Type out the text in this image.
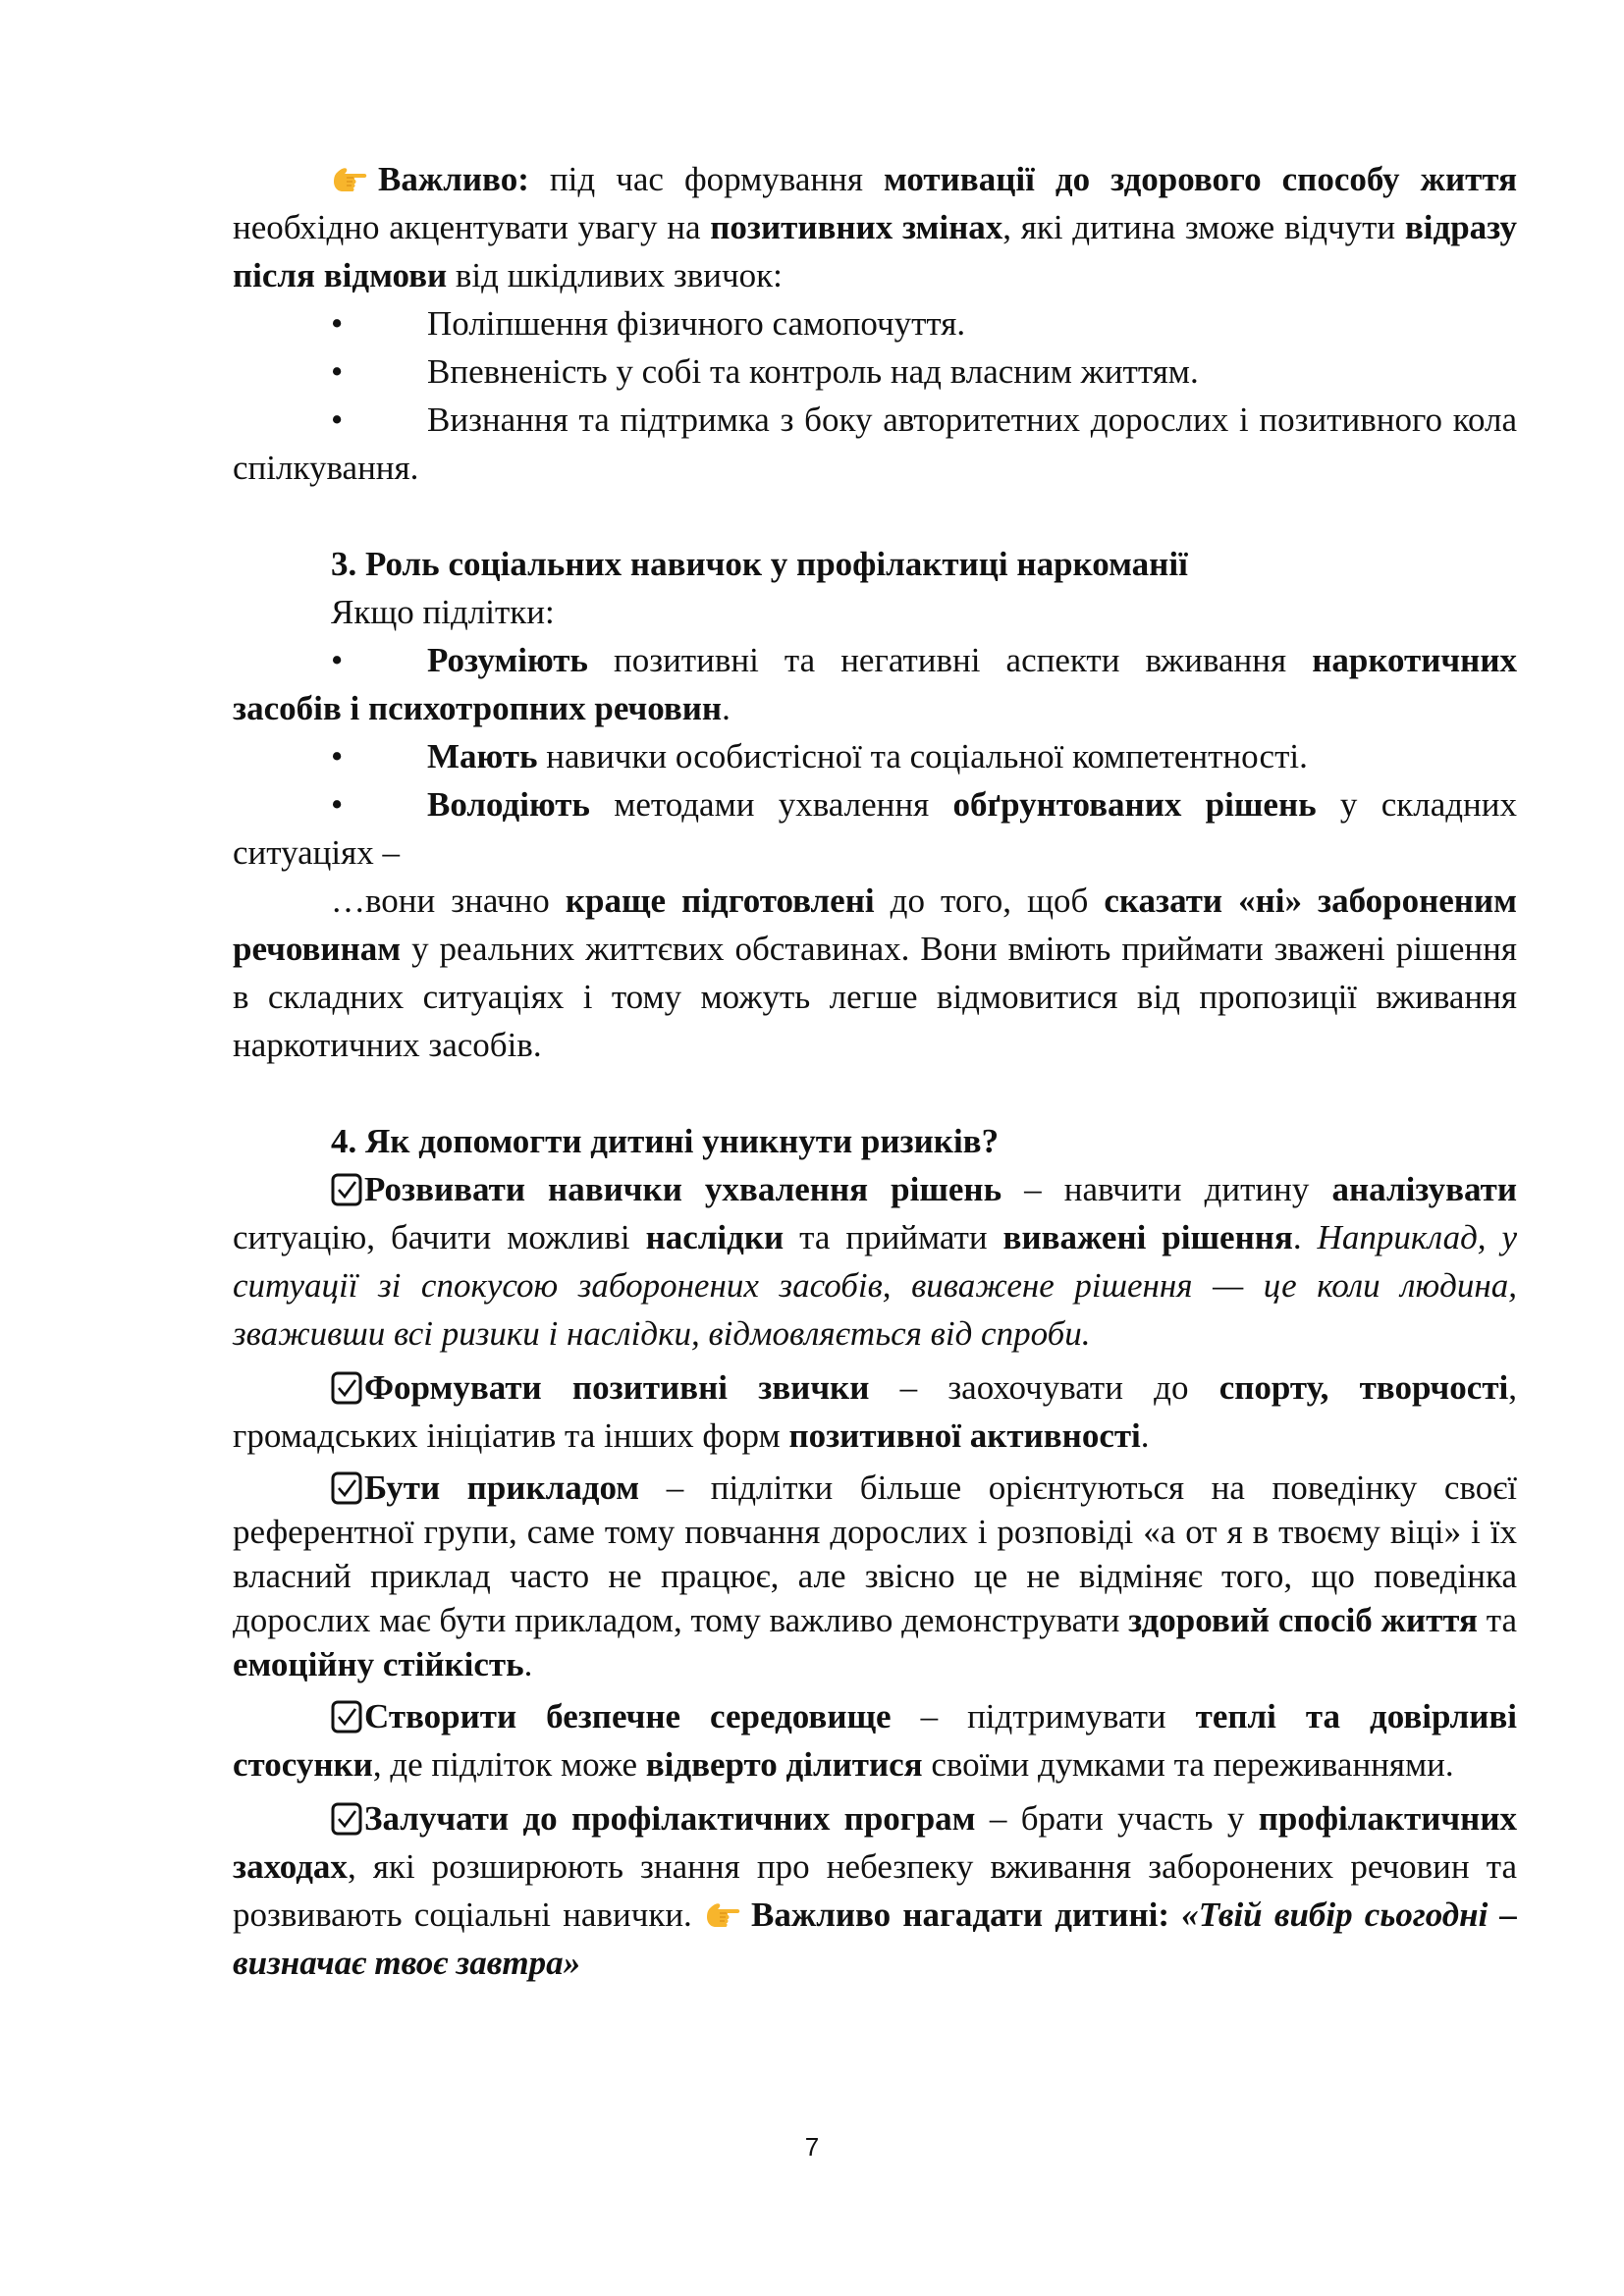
Важливо: під час формування мотивації до здорового способу життя необхідно акцентувати увагу на позитивних змінах, які дитина зможе відчути відразу після відмови від шкідливих звичок:

• Поліпшення фізичного самопочуття.

• Впевненість у собі та контроль над власним життям.

• Визнання та підтримка з боку авторитетних дорослих і позитивного кола спілкування.

3. Роль соціальних навичок у профілактиці наркоманії

Якщо підлітки:

• Розуміють позитивні та негативні аспекти вживання наркотичних засобів і психотропних речовин.

• Мають навички особистісної та соціальної компетентності.

• Володіють методами ухвалення обґрунтованих рішень у складних ситуаціях –

…вони значно краще підготовлені до того, щоб сказати «ні» забороненим речовинам у реальних життєвих обставинах. Вони вміють приймати зважені рішення в складних ситуаціях і тому можуть легше відмовитися від пропозиції вживання наркотичних засобів.

4. Як допомогти дитині уникнути ризиків?

Розвивати навички ухвалення рішень – навчити дитину аналізувати ситуацію, бачити можливі наслідки та приймати виважені рішення. Наприклад, у ситуації зі спокусою заборонених засобів, виважене рішення — це коли людина, зваживши всі ризики і наслідки, відмовляється від спроби.

Формувати позитивні звички – заохочувати до спорту, творчості, громадських ініціатив та інших форм позитивної активності.

Бути прикладом – підлітки більше орієнтуються на поведінку своєї референтної групи, саме тому повчання дорослих і розповіді «а от я в твоєму віці» і їх власний приклад часто не працює, але звісно це не відміняє того, що поведінка дорослих має бути прикладом, тому важливо демонструвати здоровий спосіб життя та емоційну стійкість.

Створити безпечне середовище – підтримувати теплі та довірливі стосунки, де підліток може відверто ділитися своїми думками та переживаннями.

Залучати до профілактичних програм – брати участь у профілактичних заходах, які розширюють знання про небезпеку вживання заборонених речовин та розвивають соціальні навички. Важливо нагадати дитині: «Твій вибір сьогодні – визначає твоє завтра»

7
